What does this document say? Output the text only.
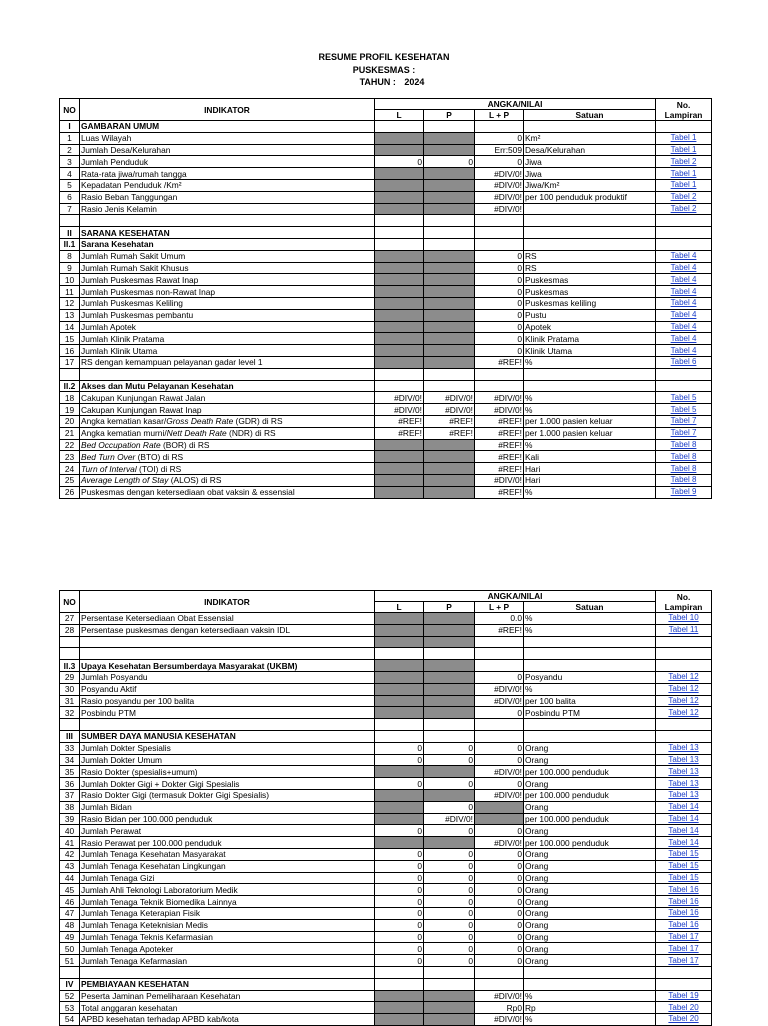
RESUME PROFIL KESEHATAN
PUSKESMAS :
TAHUN : 2024
NO	INDIKATOR	ANGKA/NILAI				No.
Lampiran

		L	P	L + P	Satuan	
I	GAMBARAN UMUM					
1	Luas Wilayah			0	Km²	Tabel 1
2	Jumlah Desa/Kelurahan			Err:509	Desa/Kelurahan	Tabel 1
3	Jumlah Penduduk	0	0	0	Jiwa	Tabel 2
4	Rata-rata jiwa/rumah tangga			#DIV/0!	Jiwa	Tabel 1
5	Kepadatan Penduduk /Km²			#DIV/0!	Jiwa/Km²	Tabel 1
6	Rasio Beban Tanggungan			#DIV/0!	per 100 penduduk produktif	Tabel 2
7	Rasio Jenis Kelamin			#DIV/0!		Tabel 2

II	SARANA KESEHATAN					
II.1	Sarana Kesehatan					
8	Jumlah Rumah Sakit Umum			0	RS	Tabel 4
9	Jumlah Rumah Sakit Khusus			0	RS	Tabel 4
10	Jumlah Puskesmas Rawat Inap			0	Puskesmas	Tabel 4
11	Jumlah Puskesmas non-Rawat Inap			0	Puskesmas	Tabel 4
12	Jumlah Puskesmas Keliling			0	Puskesmas keliling	Tabel 4
13	Jumlah Puskesmas pembantu			0	Pustu	Tabel 4
14	Jumlah Apotek			0	Apotek	Tabel 4
15	Jumlah Klinik Pratama			0	Klinik Pratama	Tabel 4
16	Jumlah Klinik Utama			0	Klinik Utama	Tabel 4
17	RS dengan kemampuan pelayanan gadar level 1			#REF!	%	Tabel 6

II.2	Akses dan Mutu Pelayanan Kesehatan					
18	Cakupan Kunjungan Rawat Jalan	#DIV/0!	#DIV/0!	#DIV/0!	%	Tabel 5
19	Cakupan Kunjungan Rawat Inap	#DIV/0!	#DIV/0!	#DIV/0!	%	Tabel 5
20	Angka kematian kasar/Gross Death Rate (GDR) di RS	#REF!	#REF!	#REF!	per 1.000 pasien keluar	Tabel 7
21	Angka kematian murni/Nett Death Rate (NDR) di RS	#REF!	#REF!	#REF!	per 1.000 pasien keluar	Tabel 7
22	Bed Occupation Rate (BOR) di RS			#REF!	%	Tabel 8
23	Bed Turn Over (BTO) di RS			#REF!	Kali	Tabel 8
24	Turn of Interval (TOI) di RS			#REF!	Hari	Tabel 8
25	Average Length of Stay (ALOS) di RS			#DIV/0!	Hari	Tabel 8
26	Puskesmas dengan ketersediaan obat vaksin & essensial			#REF!	%	Tabel 9
NO	INDIKATOR	ANGKA/NILAI				No.
Lampiran

		L	P	L + P	Satuan	
27	Persentase Ketersediaan Obat Essensial			0.0	%	Tabel 10
28	Persentase puskesmas dengan ketersediaan vaksin IDL			#REF!	%	Tabel 11

II.3	Upaya Kesehatan Bersumberdaya Masyarakat (UKBM)					
29	Jumlah Posyandu			0	Posyandu	Tabel 12
30	Posyandu Aktif			#DIV/0!	%	Tabel 12
31	Rasio posyandu per 100 balita			#DIV/0!	per 100 balita	Tabel 12
32	Posbindu PTM			0	Posbindu PTM	Tabel 12

III	SUMBER DAYA MANUSIA KESEHATAN					
33	Jumlah Dokter Spesialis	0	0	0	Orang	Tabel 13
34	Jumlah Dokter Umum	0	0	0	Orang	Tabel 13
35	Rasio Dokter (spesialis+umum)			#DIV/0!	per 100.000 penduduk	Tabel 13
36	Jumlah Dokter Gigi + Dokter Gigi Spesialis	0	0	0	Orang	Tabel 13
37	Rasio Dokter Gigi (termasuk Dokter Gigi Spesialis)			#DIV/0!	per 100.000 penduduk	Tabel 13
38	Jumlah Bidan		0		Orang	Tabel 14
39	Rasio Bidan per 100.000 penduduk		#DIV/0!		per 100.000 penduduk	Tabel 14
40	Jumlah Perawat	0	0	0	Orang	Tabel 14
41	Rasio Perawat per 100.000 penduduk			#DIV/0!	per 100.000 penduduk	Tabel 14
42	Jumlah Tenaga Kesehatan Masyarakat	0	0	0	Orang	Tabel 15
43	Jumlah Tenaga Kesehatan Lingkungan	0	0	0	Orang	Tabel 15
44	Jumlah Tenaga Gizi	0	0	0	Orang	Tabel 15
45	Jumlah Ahli Teknologi Laboratorium Medik	0	0	0	Orang	Tabel 16
46	Jumlah Tenaga Teknik Biomedika Lainnya	0	0	0	Orang	Tabel 16
47	Jumlah Tenaga Keterapian Fisik	0	0	0	Orang	Tabel 16
48	Jumlah Tenaga Keteknisian Medis	0	0	0	Orang	Tabel 16
49	Jumlah Tenaga Teknis Kefarmasian	0	0	0	Orang	Tabel 17
50	Jumlah Tenaga Apoteker	0	0	0	Orang	Tabel 17
51	Jumlah Tenaga Kefarmasian	0	0	0	Orang	Tabel 17

IV	PEMBIAYAAN KESEHATAN					
52	Peserta Jaminan Pemeliharaan Kesehatan			#DIV/0!	%	Tabel 19
53	Total anggaran kesehatan			Rp0	Rp	Tabel 20
54	APBD kesehatan terhadap APBD kab/kota			#DIV/0!	%	Tabel 20
